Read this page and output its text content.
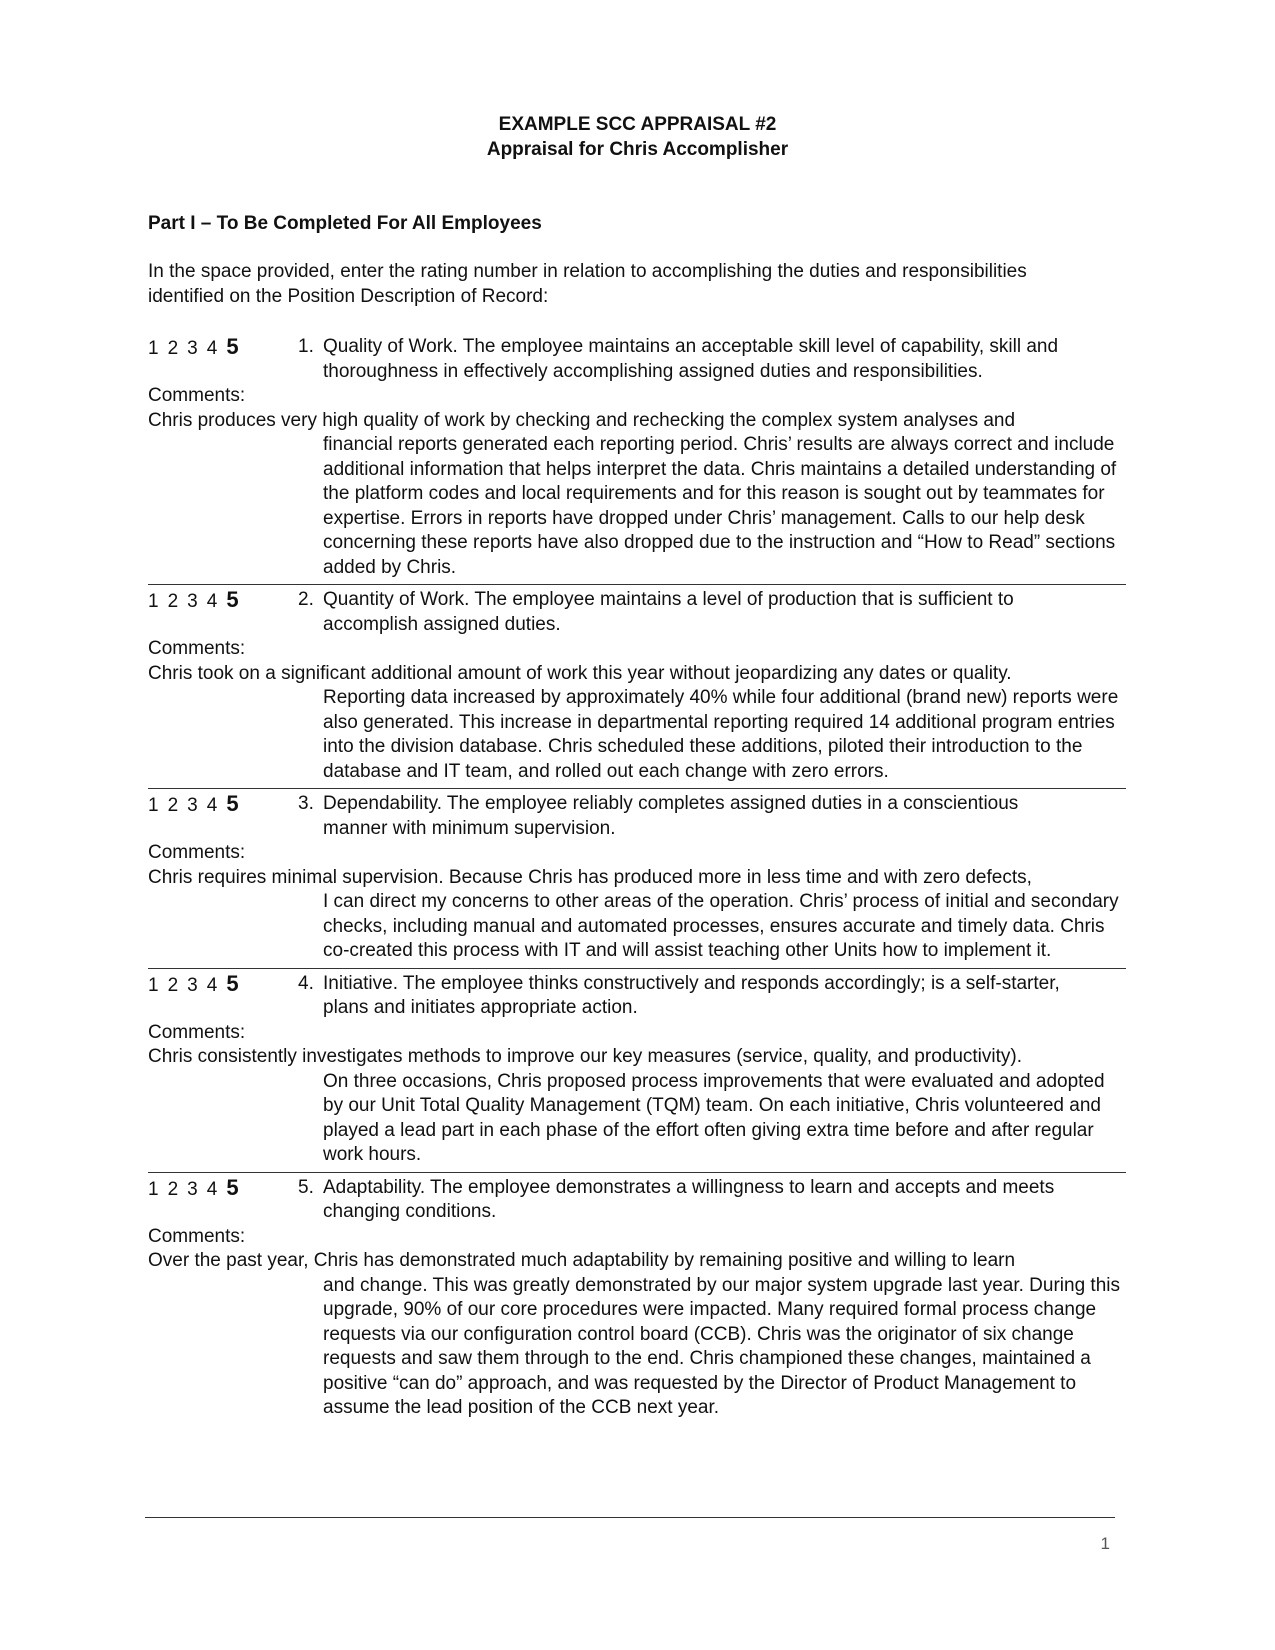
EXAMPLE SCC APPRAISAL #2
Appraisal for Chris Accomplisher
Part I – To Be Completed For All Employees
In the space provided, enter the rating number in relation to accomplishing the duties and responsibilities identified on the Position Description of Record:
1 2 3 4 5	1. Quality of Work. The employee maintains an acceptable skill level of capability, skill and thoroughness in effectively accomplishing assigned duties and responsibilities.
Comments:
Chris produces very high quality of work by checking and rechecking the complex system analyses and
financial reports generated each reporting period. Chris’ results are always correct and include additional information that helps interpret the data. Chris maintains a detailed understanding of the platform codes and local requirements and for this reason is sought out by teammates for expertise. Errors in reports have dropped under Chris’ management. Calls to our help desk concerning these reports have also dropped due to the instruction and “How to Read” sections added by Chris.
1 2 3 4 5	2. Quantity of Work. The employee maintains a level of production that is sufficient to accomplish assigned duties.
Comments:
Chris took on a significant additional amount of work this year without jeopardizing any dates or quality.
Reporting data increased by approximately 40% while four additional (brand new) reports were also generated. This increase in departmental reporting required 14 additional program entries into the division database. Chris scheduled these additions, piloted their introduction to the database and IT team, and rolled out each change with zero errors.
1 2 3 4 5	3. Dependability. The employee reliably completes assigned duties in a conscientious manner with minimum supervision.
Comments:
Chris requires minimal supervision. Because Chris has produced more in less time and with zero defects,
I can direct my concerns to other areas of the operation. Chris’ process of initial and secondary checks, including manual and automated processes, ensures accurate and timely data. Chris co-created this process with IT and will assist teaching other Units how to implement it.
1 2 3 4 5	4. Initiative. The employee thinks constructively and responds accordingly; is a self-starter, plans and initiates appropriate action.
Comments:
Chris consistently investigates methods to improve our key measures (service, quality, and productivity).
On three occasions, Chris proposed process improvements that were evaluated and adopted by our Unit Total Quality Management (TQM) team. On each initiative, Chris volunteered and played a lead part in each phase of the effort often giving extra time before and after regular work hours.
1 2 3 4 5	5. Adaptability. The employee demonstrates a willingness to learn and accepts and meets changing conditions.
Comments:
Over the past year, Chris has demonstrated much adaptability by remaining positive and willing to learn
and change. This was greatly demonstrated by our major system upgrade last year. During this upgrade, 90% of our core procedures were impacted. Many required formal process change requests via our configuration control board (CCB). Chris was the originator of six change requests and saw them through to the end. Chris championed these changes, maintained a positive “can do” approach, and was requested by the Director of Product Management to assume the lead position of the CCB next year.
1
